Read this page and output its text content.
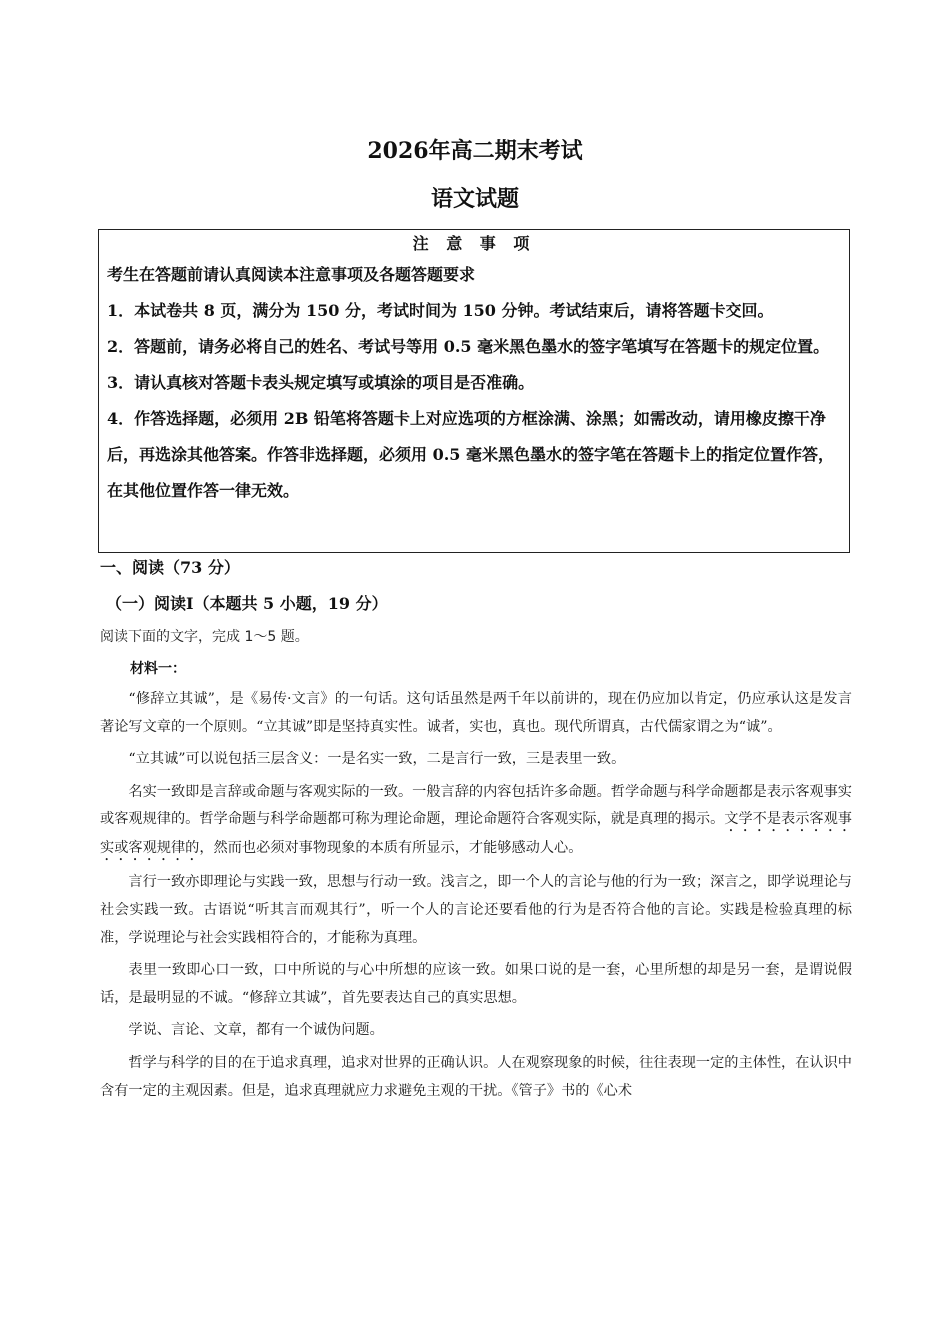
2026年高二期末考试
语文试题
注 意 事 项
考生在答题前请认真阅读本注意事项及各题答题要求
1．本试卷共 8 页，满分为 150 分，考试时间为 150 分钟。考试结束后，请将答题卡交回。
2．答题前，请务必将自己的姓名、考试号等用 0.5 毫米黑色墨水的签字笔填写在答题卡的规定位置。
3．请认真核对答题卡表头规定填写或填涂的项目是否准确。
4．作答选择题，必须用 2B 铅笔将答题卡上对应选项的方框涂满、涂黑；如需改动，请用橡皮擦干净后，再选涂其他答案。作答非选择题，必须用 0.5 毫米黑色墨水的签字笔在答题卡上的指定位置作答，在其他位置作答一律无效。
一、阅读（73 分）
（一）阅读I（本题共 5 小题，19 分）
阅读下面的文字，完成 1～5 题。
材料一：

“修辞立其诚”，是《易传·文言》的一句话。这句话虽然是两千年以前讲的，现在仍应加以肯定，仍应承认这是发言著论写文章的一个原则。“立其诚”即是坚持真实性。诚者，实也，真也。现代所谓真，古代儒家谓之为“诚”。

“立其诚”可以说包括三层含义：一是名实一致，二是言行一致，三是表里一致。

名实一致即是言辞或命题与客观实际的一致。一般言辞的内容包括许多命题。哲学命题与科学命题都是表示客观事实或客观规律的。哲学命题与科学命题都可称为理论命题，理论命题符合客观实际，就是真理的揭示。文学不是表示客观事实或客观规律的，然而也必须对事物现象的本质有所显示，才能够感动人心。

言行一致亦即理论与实践一致，思想与行动一致。浅言之，即一个人的言论与他的行为一致；深言之，即学说理论与社会实践一致。古语说“听其言而观其行”，听一个人的言论还要看他的行为是否符合他的言论。实践是检验真理的标准，学说理论与社会实践相符合的，才能称为真理。

表里一致即心口一致，口中所说的与心中所想的应该一致。如果口说的是一套，心里所想的却是另一套，是谓说假话，是最明显的不诚。“修辞立其诚”，首先要表达自己的真实思想。

学说、言论、文章，都有一个诚伪问题。

哲学与科学的目的在于追求真理，追求对世界的正确认识。人在观察现象的时候，往往表现一定的主体性，在认识中含有一定的主观因素。但是，追求真理就应力求避免主观的干扰。《管子》书的《心术
